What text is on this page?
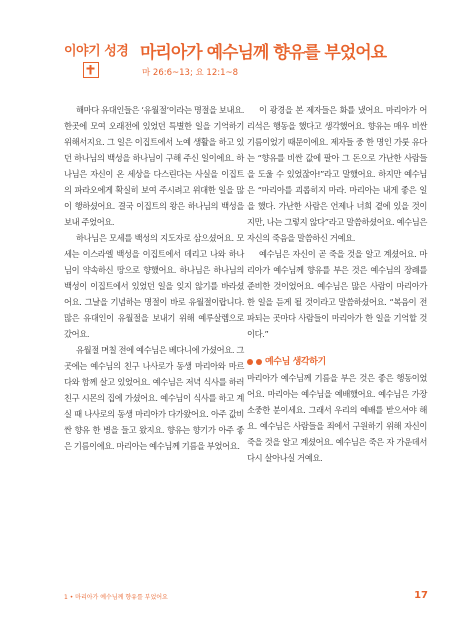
이야기 성경 마리아가 예수님께 향유를 부었어요
마 26:6~13; 요 12:1~8

해마다 유대인들은 ‘유월절’이라는 명절을 보내요. 한곳에 모여 오래전에 있었던 특별한 일을 기억하기 위해서지요. 그 일은 이집트에서 노예 생활을 하고 있던 하나님의 백성을 하나님이 구해 주신 일이에요. 하나님은 자신이 온 세상을 다스린다는 사실을 이집트의 파라오에게 확실히 보여 주시려고 위대한 일을 많이 행하셨어요. 결국 이집트의 왕은 하나님의 백성을 보내 주었어요.

하나님은 모세를 백성의 지도자로 삼으셨어요. 모세는 이스라엘 백성을 이집트에서 데리고 나와 하나님이 약속하신 땅으로 향했어요. 하나님은 하나님의 백성이 이집트에서 있었던 일을 잊지 않기를 바라셨어요. 그날을 기념하는 명절이 바로 유월절이랍니다. 많은 유대인이 유월절을 보내기 위해 예루살렘으로 갔어요.

유월절 며칠 전에 예수님은 베다니에 가셨어요. 그곳에는 예수님의 친구 나사로가 동생 마리아와 마르다와 함께 살고 있었어요. 예수님은 저녁 식사를 하러 친구 시몬의 집에 가셨어요. 예수님이 식사를 하고 계실 때 나사로의 동생 마리아가 다가왔어요. 아주 값비싼 향유 한 병을 들고 왔지요. 향유는 향기가 아주 좋은 기름이에요. 마리아는 예수님께 기름을 부었어요.

이 광경을 본 제자들은 화를 냈어요. 마리아가 어리석은 행동을 했다고 생각했어요. 향유는 매우 비싼 기름이었기 때문이에요. 제자들 중 한 명인 가룻 유다는 “향유를 비싼 값에 팔아 그 돈으로 가난한 사람들을 도울 수 있었잖아!”라고 말했어요. 하지만 예수님은 “마리아를 괴롭히지 마라. 마리아는 내게 좋은 일을 했다. 가난한 사람은 언제나 너희 곁에 있을 것이지만, 나는 그렇지 않다”라고 말씀하셨어요. 예수님은 자신의 죽음을 말씀하신 거예요.

예수님은 자신이 곧 죽을 것을 알고 계셨어요. 마리아가 예수님께 향유를 부은 것은 예수님의 장례를 준비한 것이었어요. 예수님은 많은 사람이 마리아가 한 일을 듣게 될 것이라고 말씀하셨어요. “복음이 전파되는 곳마다 사람들이 마리아가 한 일을 기억할 것이다.”

예수님 생각하기

마리아가 예수님께 기름을 부은 것은 좋은 행동이었어요. 마리아는 예수님을 예배했어요. 예수님은 가장 소중한 분이세요. 그래서 우리의 예배를 받으셔야 해요. 예수님은 사람들을 죄에서 구원하기 위해 자신이 죽을 것을 알고 계셨어요. 예수님은 죽은 자 가운데서 다시 살아나실 거예요.

1 • 마리아가 예수님께 향유를 부었어요	17
